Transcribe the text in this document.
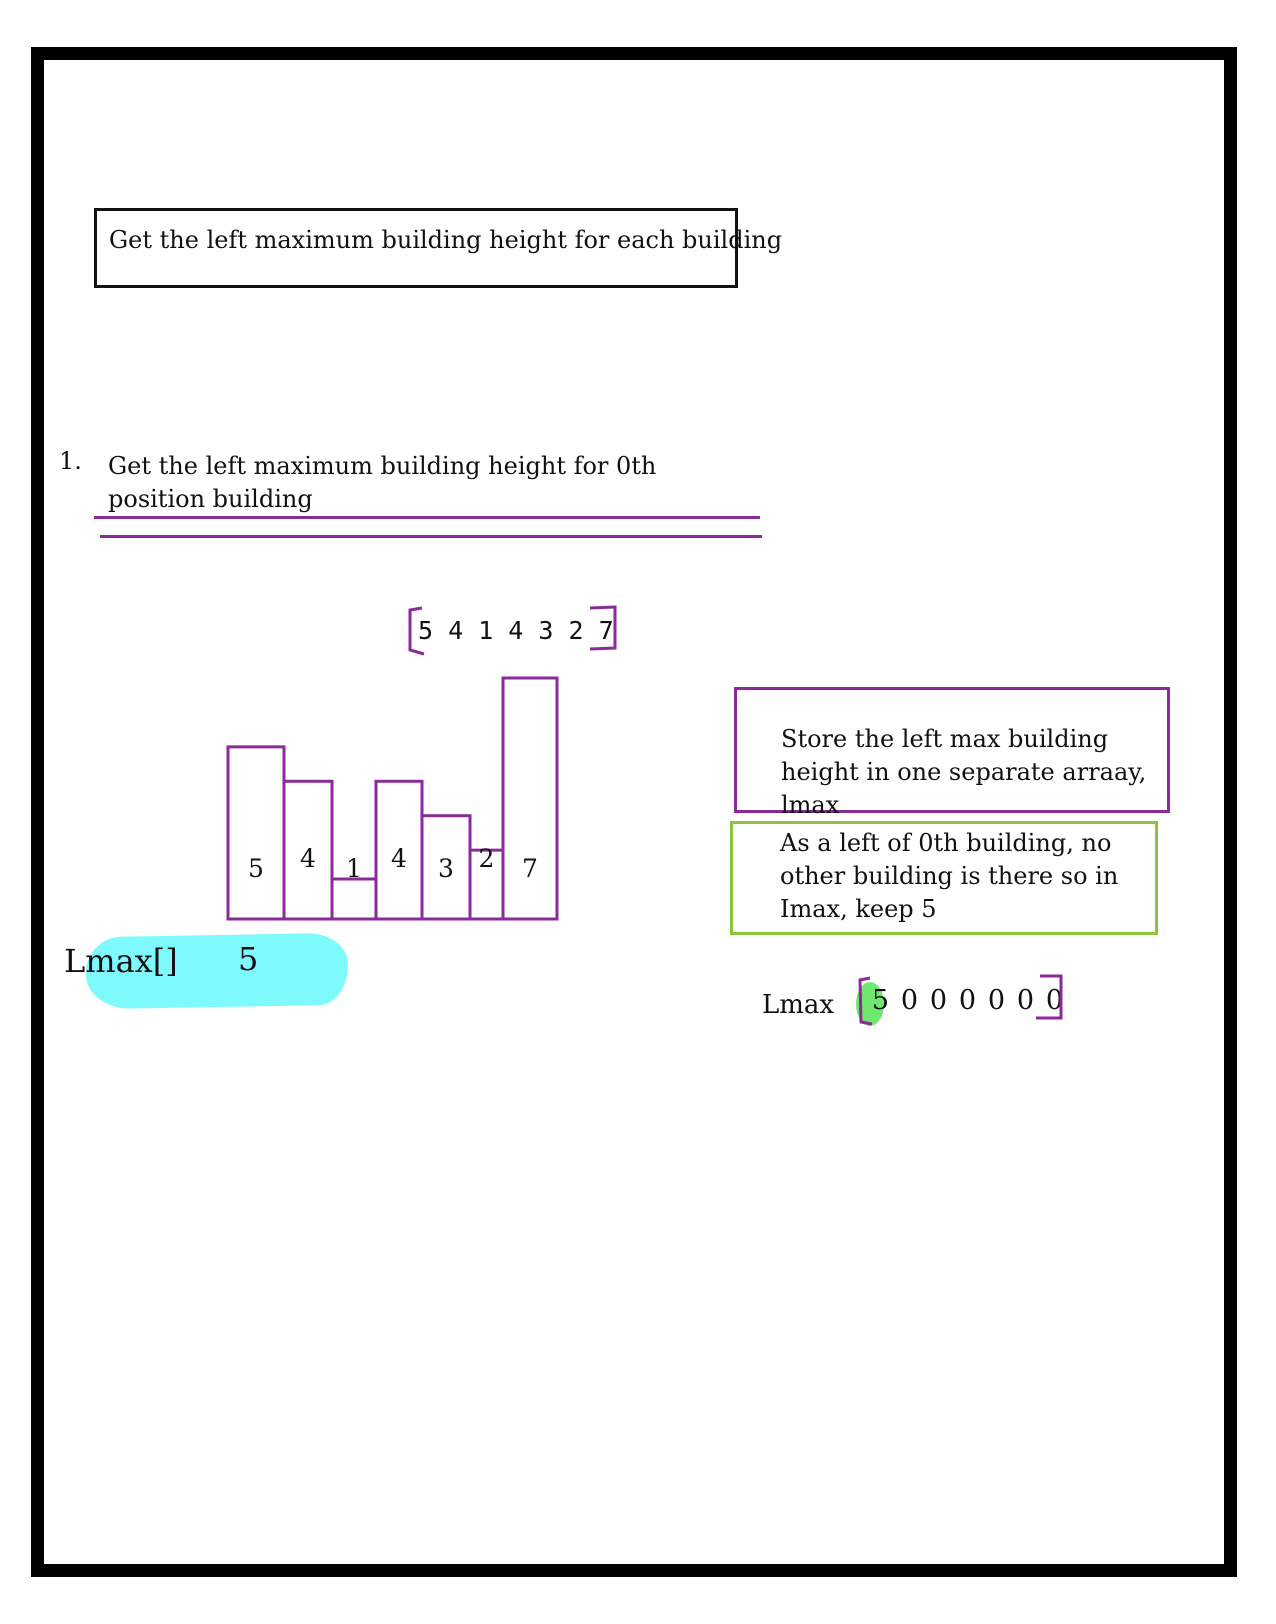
Get the left maximum building height for each building
1. Get the left maximum building height for 0th position building
5 4 1 4 3 2 7
Store the left max building height in one separate arraay, lmax
As a left of 0th building, no other building is there so in Imax, keep 5
Lmax[] 5
Lmax 5 0 0 0 0 0 0
5 4 1 4 3 2 7
